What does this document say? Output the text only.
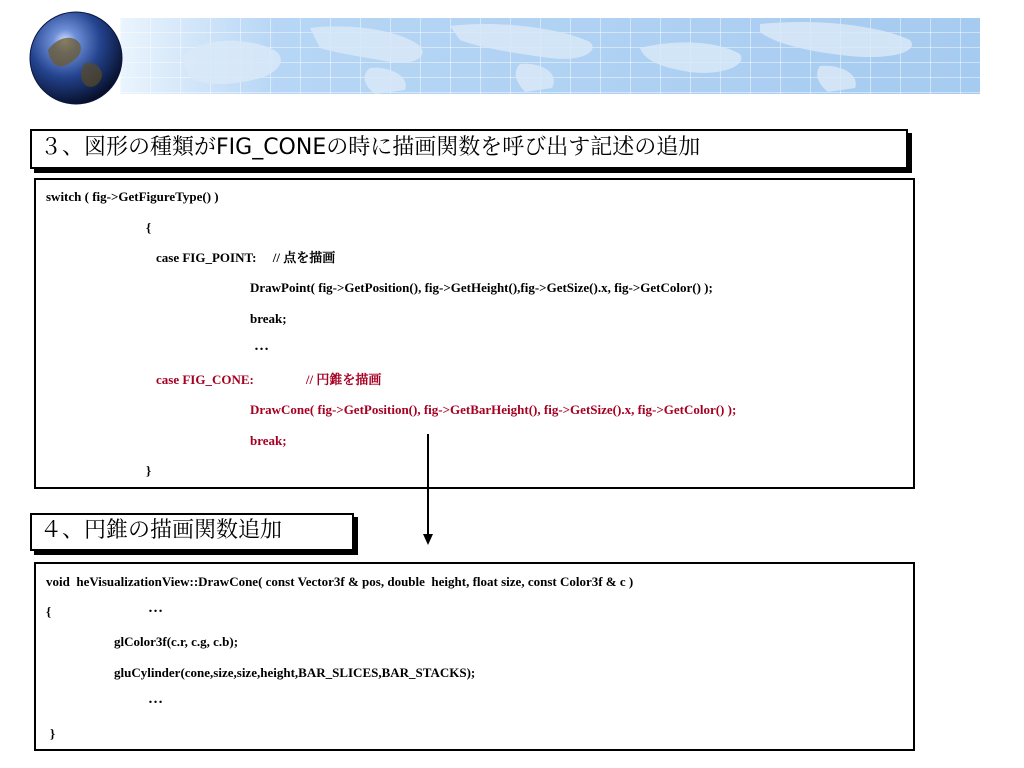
３、図形の種類がFIG_CONEの時に描画関数を呼び出す記述の追加
switch ( fig->GetFigureType() )
{
case FIG_POINT:     // 点を描画
DrawPoint( fig->GetPosition(), fig->GetHeight(),fig->GetSize().x, fig->GetColor() );
break;
…
case FIG_CONE:                // 円錐を描画
DrawCone( fig->GetPosition(), fig->GetBarHeight(), fig->GetSize().x, fig->GetColor() );
break;
}
４、円錐の描画関数追加
void  heVisualizationView::DrawCone( const Vector3f & pos, double  height, float size, const Color3f & c )
{	…
glColor3f(c.r, c.g, c.b);
gluCylinder(cone,size,size,height,BAR_SLICES,BAR_STACKS);
…
}
